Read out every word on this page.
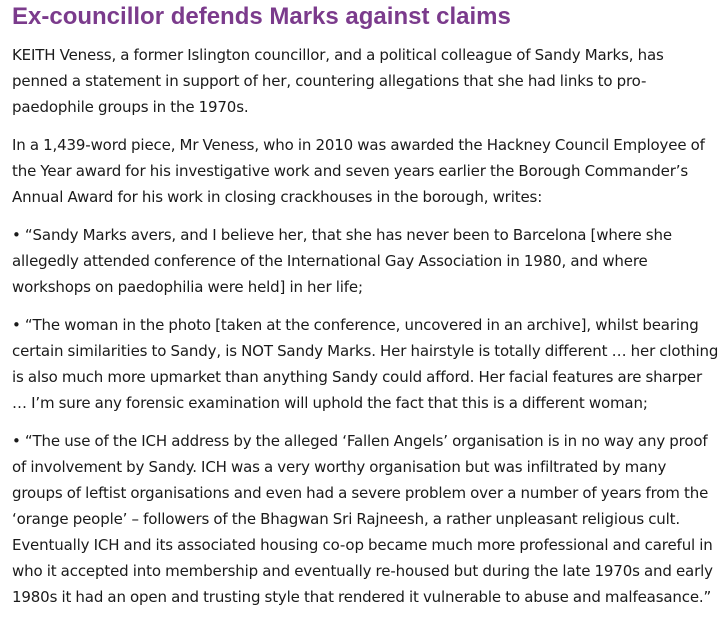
Ex-councillor defends Marks against claims

KEITH Veness, a former Islington councillor, and a political colleague of Sandy Marks, has penned a statement in support of her, countering allegations that she had links to pro-paedophile groups in the 1970s.

In a 1,439-word piece, Mr Veness, who in 2010 was awarded the Hackney Council Employee of the Year award for his investigative work and seven years earlier the Borough Commander’s Annual Award for his work in closing crackhouses in the borough, writes:

• “Sandy Marks avers, and I believe her, that she has never been to Barcelona [where she allegedly attended conference of the International Gay Association in 1980, and where workshops on paedophilia were held] in her life;

• “The woman in the photo [taken at the conference, uncovered in an archive], whilst bearing certain similarities to Sandy, is NOT Sandy Marks. Her hairstyle is totally different … her clothing is also much more upmarket than anything Sandy could afford. Her facial features are sharper … I’m sure any forensic examination will uphold the fact that this is a different woman;

• “The use of the ICH address by the alleged ‘Fallen Angels’ organisation is in no way any proof of involvement by Sandy. ICH was a very worthy organisation but was infiltrated by many groups of leftist organisations and even had a severe problem over a number of years from the ‘orange people’ – followers of the Bhagwan Sri Rajneesh, a rather unpleasant religious cult. Eventually ICH and its associated housing co-op became much more professional and careful in who it accepted into membership and eventually re-housed but during the late 1970s and early 1980s it had an open and trusting style that rendered it vulnerable to abuse and malfeasance.”
